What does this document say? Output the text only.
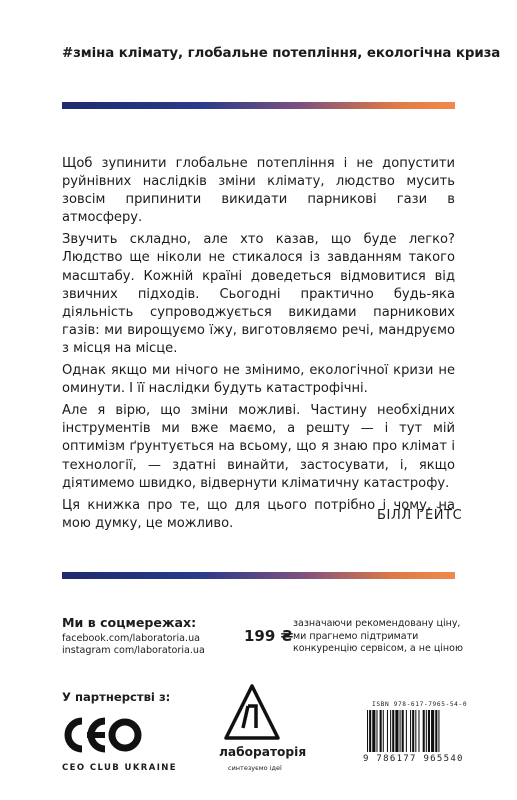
#зміна клімату, глобальне потепління, екологічна криза

Щоб зупинити глобальне потепління і не допустити руйнівних наслідків зміни клімату, людство мусить зовсім припинити викидати парникові гази в атмосферу.

Звучить складно, але хто казав, що буде легко? Людство ще ніколи не стикалося із завданням такого масштабу. Кожній країні доведеться відмовитися від звичних підходів. Сьогодні практично будь-яка діяльність супроводжується викидами парникових газів: ми вирощуємо їжу, виготовляємо речі, мандруємо з місця на місце.

Однак якщо ми нічого не змінимо, екологічної кризи не оминути. І її наслідки будуть катастрофічні.

Але я вірю, що зміни можливі. Частину необхідних інструментів ми вже маємо, а решту — і тут мій оптимізм ґрунтується на всьому, що я знаю про клімат і технології, — здатні винайти, застосувати, і, якщо діятимемо швидко, відвернути кліматичну катастрофу.

Ця книжка про те, що для цього потрібно і чому, на мою думку, це можливо.

БІЛЛ ҐЕЙТС
Ми в соцмережах:
facebook.com/laboratoria.ua
instagram com/laboratoria.ua
199 ₴
зазначаючи рекомендовану ціну,
ми прагнемо підтримати
конкуренцію сервісом, а не ціною
У партнерстві з:
CEO CLUB UKRAINE
лабораторія
синтезуємо ідеї
ISBN 978-617-7965-54-0
9 786177 965540
